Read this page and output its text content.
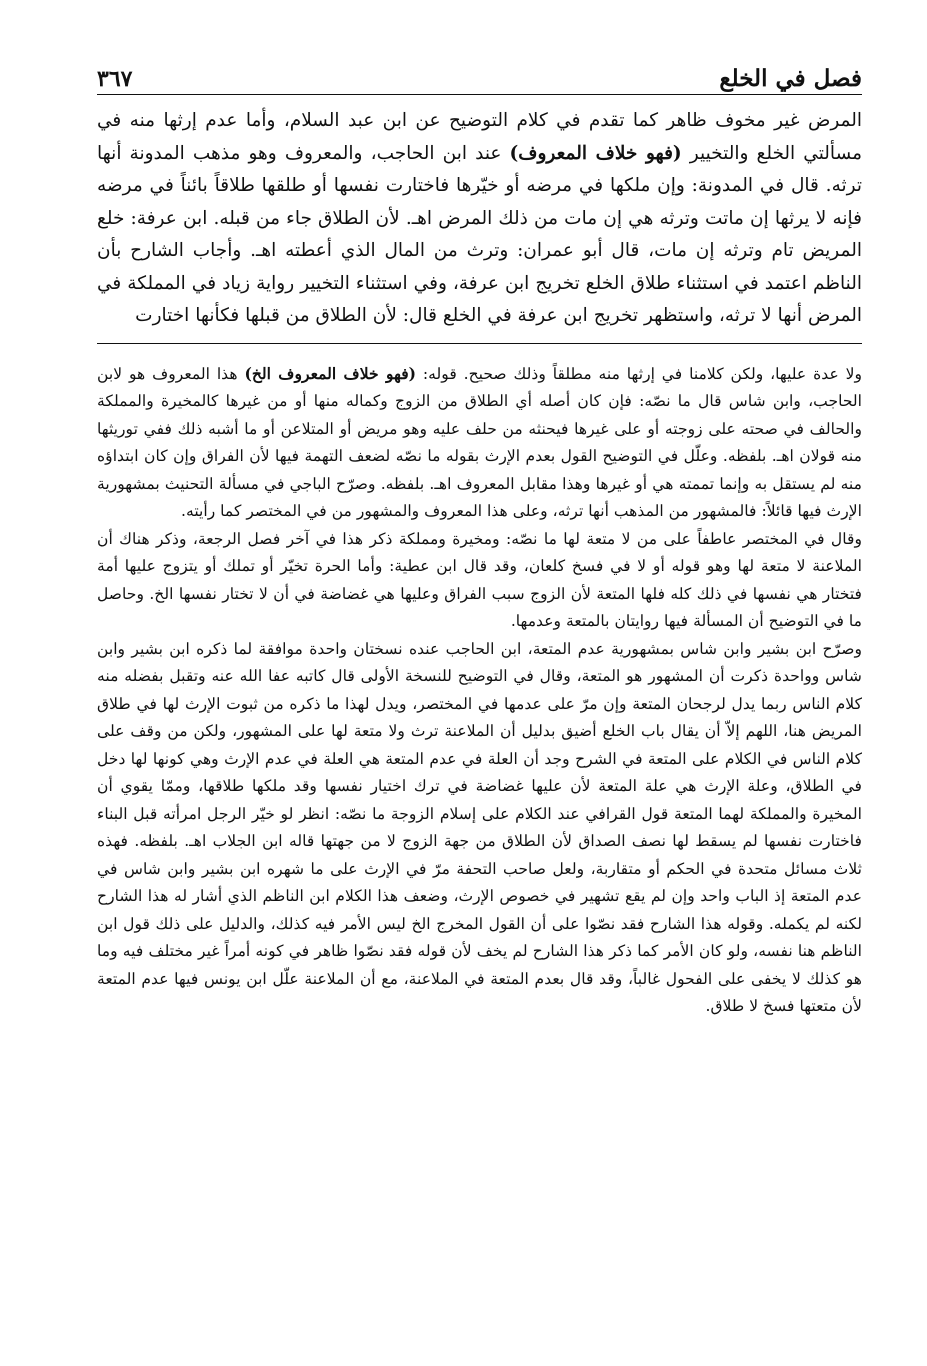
فصل في الخلع
٣٦٧

المرض غير مخوف ظاهر كما تقدم في كلام التوضيح عن ابن عبد السلام، وأما عدم إرثها منه في مسألتي الخلع والتخيير (فهو خلاف المعروف) عند ابن الحاجب، والمعروف وهو مذهب المدونة أنها ترثه. قال في المدونة: وإن ملكها في مرضه أو خيّرها فاختارت نفسها أو طلقها طلاقاً بائناً في مرضه فإنه لا يرثها إن ماتت وترثه هي إن مات من ذلك المرض اهـ. لأن الطلاق جاء من قبله. ابن عرفة: خلع المريض تام وترثه إن مات، قال أبو عمران: وترث من المال الذي أعطته اهـ. وأجاب الشارح بأن الناظم اعتمد في استثناء طلاق الخلع تخريج ابن عرفة، وفي استثناء التخيير رواية زياد في المملكة في المرض أنها لا ترثه، واستظهر تخريج ابن عرفة في الخلع قال: لأن الطلاق من قبلها فكأنها اختارت

ولا عدة عليها، ولكن كلامنا في إرثها منه مطلقاً وذلك صحيح. قوله: (فهو خلاف المعروف الخ) هذا المعروف هو لابن الحاجب، وابن شاس قال ما نصّه: فإن كان أصله أي الطلاق من الزوج وكماله منها أو من غيرها كالمخيرة والمملكة والحالف في صحته على زوجته أو على غيرها فيحنثه من حلف عليه وهو مريض أو المتلاعن أو ما أشبه ذلك ففي توريثها منه قولان اهـ. بلفظه. وعلّل في التوضيح القول بعدم الإرث بقوله ما نصّه لضعف التهمة فيها لأن الفراق وإن كان ابتداؤه منه لم يستقل به وإنما تممته هي أو غيرها وهذا مقابل المعروف اهـ. بلفظه. وصرّح الباجي في مسألة التحنيث بمشهورية الإرث فيها قائلاً: فالمشهور من المذهب أنها ترثه، وعلى هذا المعروف والمشهور من في المختصر كما رأيته.

وقال في المختصر عاطفاً على من لا متعة لها ما نصّه: ومخيرة ومملكة ذكر هذا في آخر فصل الرجعة، وذكر هناك أن الملاعنة لا متعة لها وهو قوله أو لا في فسخ كلعان، وقد قال ابن عطية: وأما الحرة تخيّر أو تملك أو يتزوج عليها أمة فتختار هي نفسها في ذلك كله فلها المتعة لأن الزوج سبب الفراق وعليها هي غضاضة في أن لا تختار نفسها الخ. وحاصل ما في التوضيح أن المسألة فيها روايتان بالمتعة وعدمها.

وصرّح ابن بشير وابن شاس بمشهورية عدم المتعة، ابن الحاجب عنده نسختان واحدة موافقة لما ذكره ابن بشير وابن شاس وواحدة ذكرت أن المشهور هو المتعة، وقال في التوضيح للنسخة الأولى قال كاتبه عفا الله عنه وتقبل بفضله منه كلام الناس ربما يدل لرجحان المتعة وإن مرّ على عدمها في المختصر، ويدل لهذا ما ذكره من ثبوت الإرث لها في طلاق المريض هنا، اللهم إلاّ أن يقال باب الخلع أضيق بدليل أن الملاعنة ترث ولا متعة لها على المشهور، ولكن من وقف على كلام الناس في الكلام على المتعة في الشرح وجد أن العلة في عدم المتعة هي العلة في عدم الإرث وهي كونها لها دخل في الطلاق، وعلة الإرث هي علة المتعة لأن عليها غضاضة في ترك اختيار نفسها وقد ملكها طلاقها، وممّا يقوي أن المخيرة والمملكة لهما المتعة قول القرافي عند الكلام على إسلام الزوجة ما نصّه: انظر لو خيّر الرجل امرأته قبل البناء فاختارت نفسها لم يسقط لها نصف الصداق لأن الطلاق من جهة الزوج لا من جهتها قاله ابن الجلاب اهـ. بلفظه. فهذه ثلاث مسائل متحدة في الحكم أو متقاربة، ولعل صاحب التحفة مرّ في الإرث على ما شهره ابن بشير وابن شاس في عدم المتعة إذ الباب واحد وإن لم يقع تشهير في خصوص الإرث، وضعف هذا الكلام ابن الناظم الذي أشار له هذا الشارح لكنه لم يكمله. وقوله هذا الشارح فقد نصّوا على أن القول المخرج الخ ليس الأمر فيه كذلك، والدليل على ذلك قول ابن الناظم هنا نفسه، ولو كان الأمر كما ذكر هذا الشارح لم يخف لأن قوله فقد نصّوا ظاهر في كونه أمراً غير مختلف فيه وما هو كذلك لا يخفى على الفحول غالباً، وقد قال بعدم المتعة في الملاعنة، مع أن الملاعنة علّل ابن يونس فيها عدم المتعة لأن متعتها فسخ لا طلاق.
